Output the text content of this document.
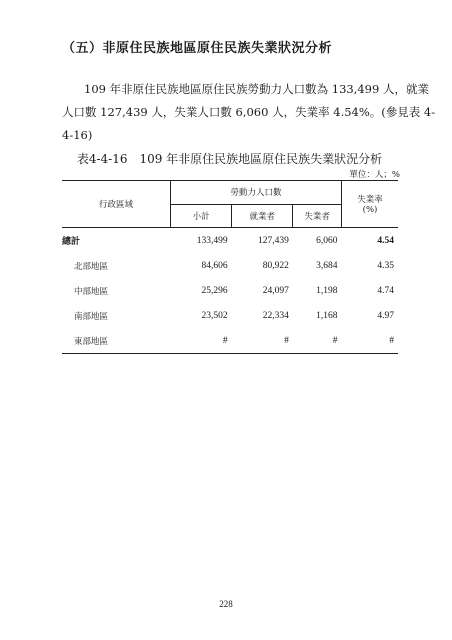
（五）非原住民族地區原住民族失業狀況分析
109 年非原住民族地區原住民族勞動力人口數為 133,499 人，就業
人口數 127,439 人，失業人口數 6,060 人，失業率 4.54%。(參見表 4-
4-16)
表4-4-16　109 年非原住民族地區原住民族失業狀況分析
單位：人；%
行政區域	勞動力人口數			失業率
(%)
	小計	就業者	失業者	
總計	133,499	127,439	6,060	4.54
北部地區	84,606	80,922	3,684	4.35
中部地區	25,296	24,097	1,198	4.74
南部地區	23,502	22,334	1,168	4.97
東部地區	#	#	#	#
228
